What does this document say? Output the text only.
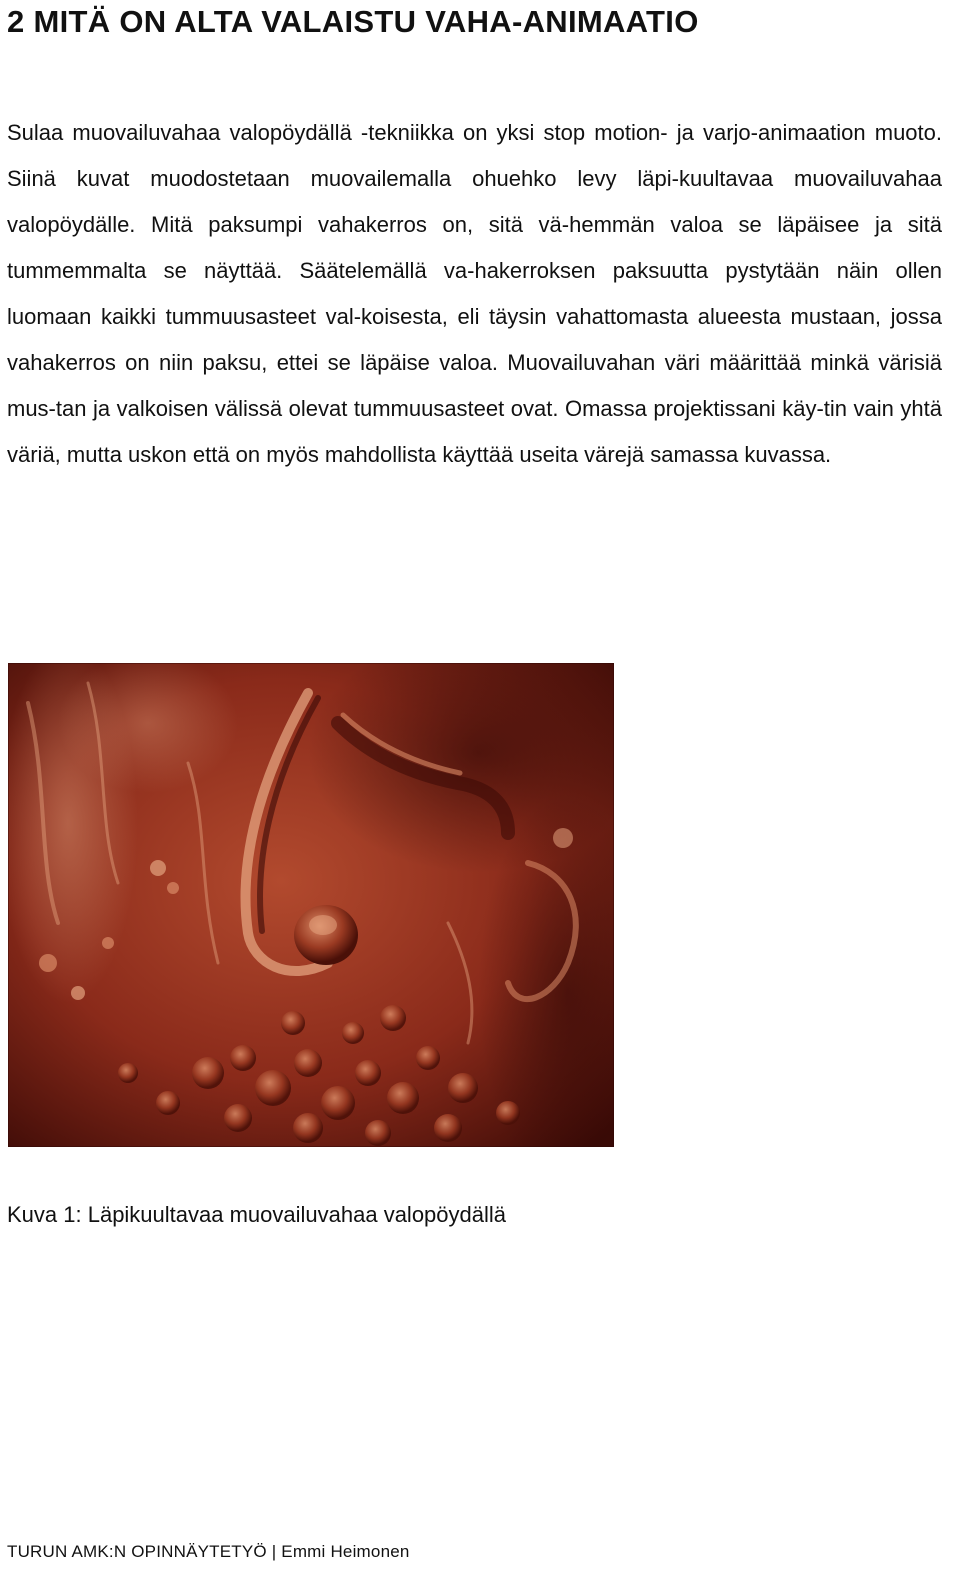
2 MITÄ ON ALTA VALAISTU VAHA-ANIMAATIO

Sulaa muovailuvahaa valopöydällä -tekniikka on yksi stop motion- ja varjo-animaation muoto. Siinä kuvat muodostetaan muovailemalla ohuehko levy läpi-kuultavaa muovailuvahaa valopöydälle. Mitä paksumpi vahakerros on, sitä vä-hemmän valoa se läpäisee ja sitä tummemmalta se näyttää. Säätelemällä va-hakerroksen paksuutta pystytään näin ollen luomaan kaikki tummuusasteet val-koisesta, eli täysin vahattomasta alueesta mustaan, jossa vahakerros on niin paksu, ettei se läpäise valoa. Muovailuvahan väri määrittää minkä värisiä mus-tan ja valkoisen välissä olevat tummuusasteet ovat. Omassa projektissani käy-tin vain yhtä väriä, mutta uskon että on myös mahdollista käyttää useita värejä samassa kuvassa.

Kuva 1: Läpikuultavaa muovailuvahaa valopöydällä

TURUN AMK:N OPINNÄYTETYÖ | Emmi Heimonen
